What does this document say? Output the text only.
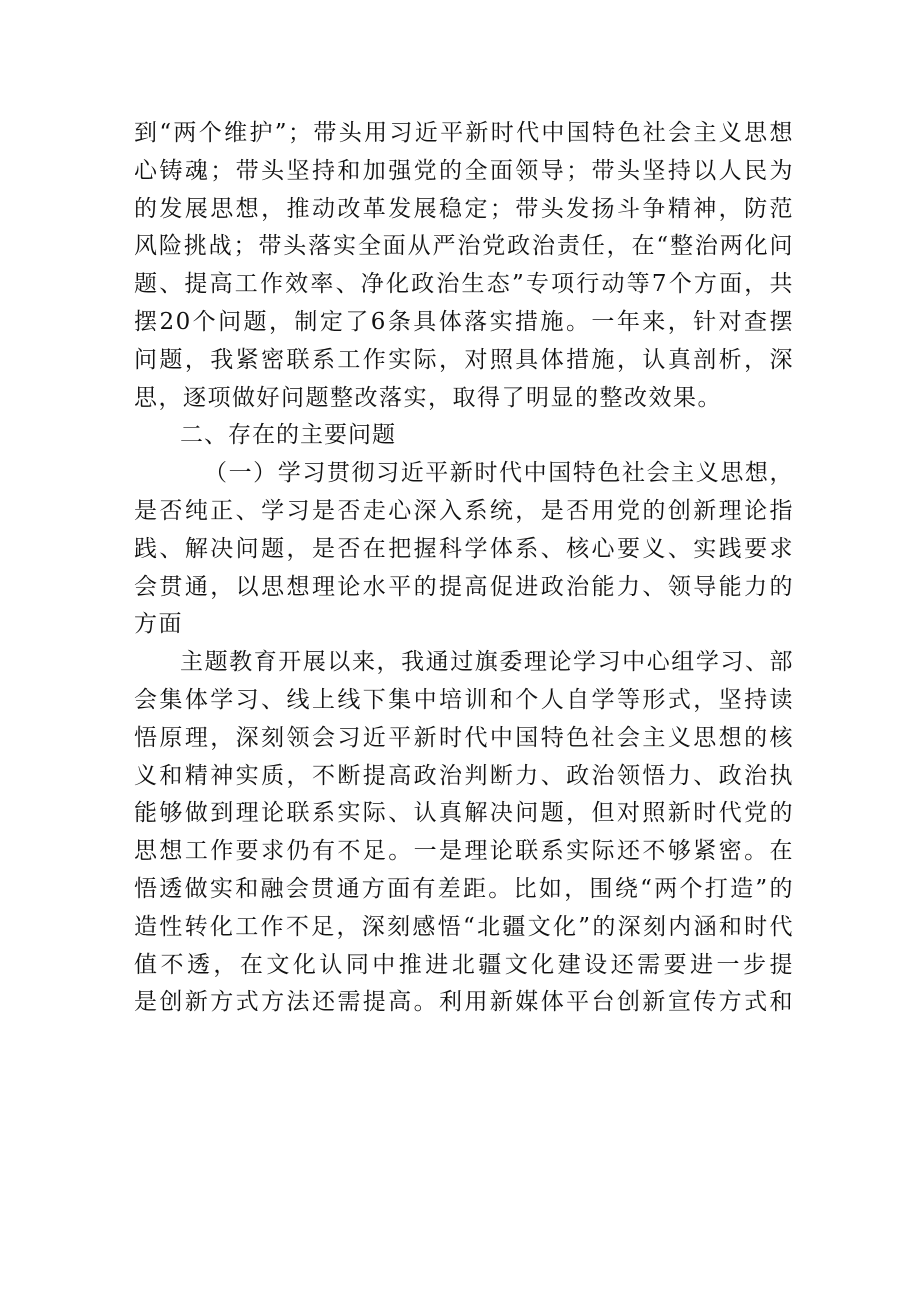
到“两个维护”；带头用习近平新时代中国特色社会主义思想
心铸魂；带头坚持和加强党的全面领导；带头坚持以人民为
的发展思想，推动改革发展稳定；带头发扬斗争精神，防范
风险挑战；带头落实全面从严治党政治责任，在“整治两化问
题、提高工作效率、净化政治生态”专项行动等7个方面，共
摆20个问题，制定了6条具体落实措施。一年来，针对查摆
问题，我紧密联系工作实际，对照具体措施，认真剖析，深
思，逐项做好问题整改落实，取得了明显的整改效果。
二、存在的主要问题
（一）学习贯彻习近平新时代中国特色社会主义思想，
是否纯正、学习是否走心深入系统，是否用党的创新理论指
践、解决问题，是否在把握科学体系、核心要义、实践要求
会贯通，以思想理论水平的提高促进政治能力、领导能力的
方面
主题教育开展以来，我通过旗委理论学习中心组学习、部
会集体学习、线上线下集中培训和个人自学等形式，坚持读
悟原理，深刻领会习近平新时代中国特色社会主义思想的核
义和精神实质，不断提高政治判断力、政治领悟力、政治执
能够做到理论联系实际、认真解决问题，但对照新时代党的
思想工作要求仍有不足。一是理论联系实际还不够紧密。在
悟透做实和融会贯通方面有差距。比如，围绕“两个打造”的
造性转化工作不足，深刻感悟“北疆文化”的深刻内涵和时代
值不透，在文化认同中推进北疆文化建设还需要进一步提
是创新方式方法还需提高。利用新媒体平台创新宣传方式和
